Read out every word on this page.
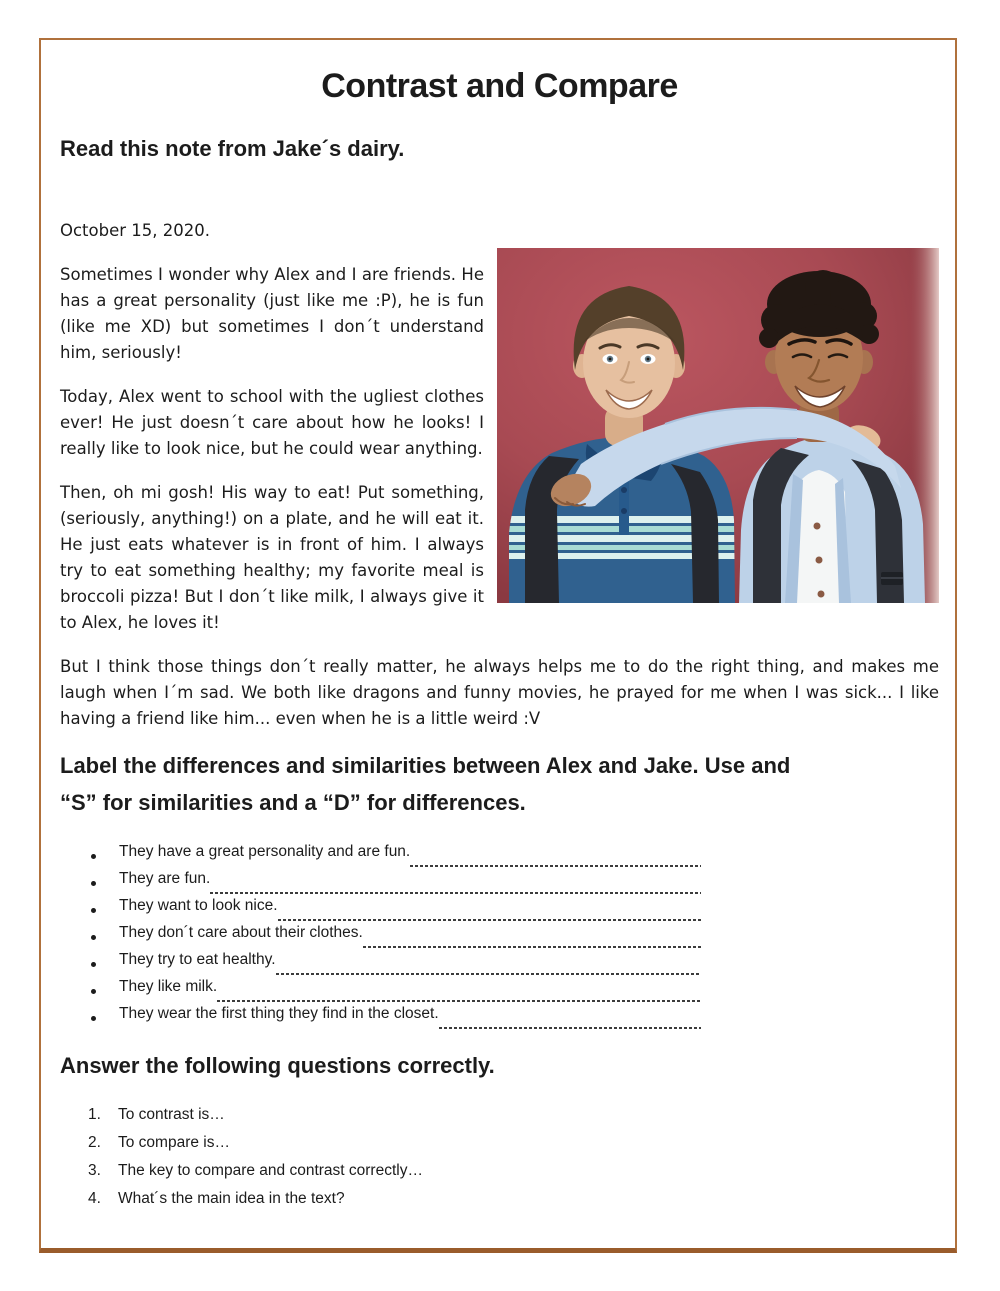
Contrast and Compare
Read this note from Jake´s dairy.
October 15, 2020.

Sometimes I wonder why Alex and I are friends. He has a great personality (just like me :P), he is fun (like me XD) but sometimes I don´t understand him, seriously!

Today, Alex went to school with the ugliest clothes ever! He just doesn´t care about how he looks! I really like to look nice, but he could wear anything.

Then, oh mi gosh! His way to eat! Put something, (seriously, anything!) on a plate, and he will eat it. He just eats whatever is in front of him. I always try to eat something healthy; my favorite meal is broccoli pizza! But I don´t like milk, I always give it to Alex, he loves it!

But I think those things don´t really matter, he always helps me to do the right thing, and makes me laugh when I´m sad. We both like dragons and funny movies, he prayed for me when I was sick... I like having a friend like him... even when he is a little weird :V

Label the differences and similarities between Alex and Jake. Use and
“S” for similarities and a “D” for differences.
They have a great personality and are fun.
They are fun.
They want to look nice.
They don´t care about their clothes.
They try to eat healthy.
They like milk.
They wear the first thing they find in the closet.
Answer the following questions correctly.
1.	To contrast is…
2.	To compare is…
3.	The key to compare and contrast correctly…
4.	What´s the main idea in the text?
